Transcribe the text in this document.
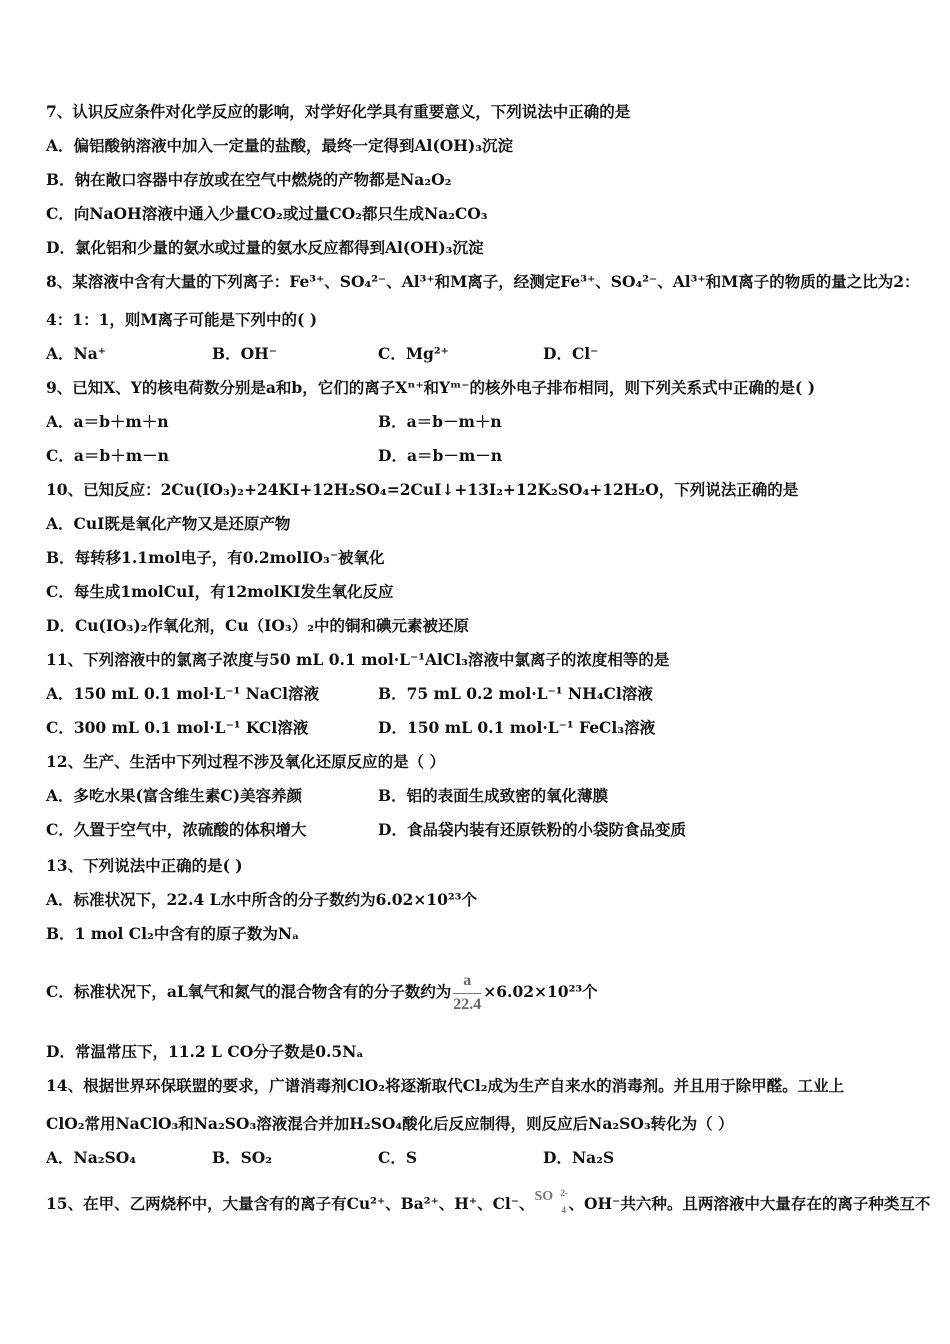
7、认识反应条件对化学反应的影响，对学好化学具有重要意义，下列说法中正确的是
A．偏铝酸钠溶液中加入一定量的盐酸，最终一定得到Al(OH)₃沉淀
B．钠在敞口容器中存放或在空气中燃烧的产物都是Na₂O₂
C．向NaOH溶液中通入少量CO₂或过量CO₂都只生成Na₂CO₃
D．氯化铝和少量的氨水或过量的氨水反应都得到Al(OH)₃沉淀
8、某溶液中含有大量的下列离子：Fe³⁺、SO₄²⁻、Al³⁺和M离子，经测定Fe³⁺、SO₄²⁻、Al³⁺和M离子的物质的量之比为2：
4：1：1，则M离子可能是下列中的( )
A．Na⁺	B．OH⁻	C．Mg²⁺	D．Cl⁻
9、已知X、Y的核电荷数分别是a和b，它们的离子Xⁿ⁺和Yᵐ⁻的核外电子排布相同，则下列关系式中正确的是( )
A．a＝b＋m＋n	B．a＝b－m＋n
C．a＝b＋m－n	D．a＝b－m－n
10、已知反应：2Cu(IO₃)₂+24KI+12H₂SO₄=2CuI↓+13I₂+12K₂SO₄+12H₂O，下列说法正确的是
A．CuI既是氧化产物又是还原产物
B．每转移1.1mol电子，有0.2molIO₃⁻被氧化
C．每生成1molCuI，有12molKI发生氧化反应
D．Cu(IO₃)₂作氧化剂，Cu（IO₃）₂中的铜和碘元素被还原
11、下列溶液中的氯离子浓度与50 mL 0.1 mol·L⁻¹AlCl₃溶液中氯离子的浓度相等的是
A．150 mL 0.1 mol·L⁻¹ NaCl溶液	B．75 mL 0.2 mol·L⁻¹ NH₄Cl溶液
C．300 mL 0.1 mol·L⁻¹ KCl溶液	D．150 mL 0.1 mol·L⁻¹ FeCl₃溶液
12、生产、生活中下列过程不涉及氧化还原反应的是（ ）
A．多吃水果(富含维生素C)美容养颜	B．铝的表面生成致密的氧化薄膜
C．久置于空气中，浓硫酸的体积增大	D．食品袋内装有还原铁粉的小袋防食品变质
13、下列说法中正确的是( )
A．标准状况下，22.4 L水中所含的分子数约为6.02×10²³个
B．1 mol Cl₂中含有的原子数为Nₐ
C．标准状况下，aL氧气和氮气的混合物含有的分子数约为 $\frac{a}{22.4} \times 6.02\times 10^{23}$个
D．常温常压下，11.2 L CO分子数是0.5Nₐ
14、根据世界环保联盟的要求，广谱消毒剂ClO₂将逐渐取代Cl₂成为生产自来水的消毒剂。并且用于除甲醛。工业上
ClO₂常用NaClO₃和Na₂SO₃溶液混合并加H₂SO₄酸化后反应制得，则反应后Na₂SO₃转化为（ ）
A．Na₂SO₄	B．SO₂	C．S	D．Na₂S
15、在甲、乙两烧杯中，大量含有的离子有Cu²⁺、Ba²⁺、H⁺、Cl⁻、 SO 2-
4 、OH⁻共六种。且两溶液中大量存在的离子种类互不
